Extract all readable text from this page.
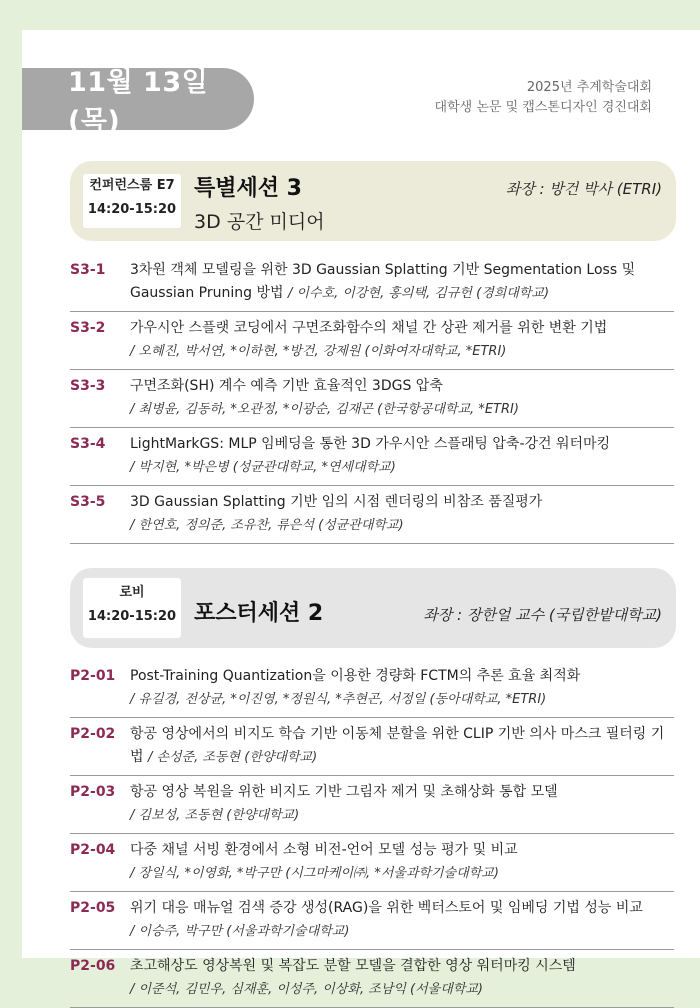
11월 13일(목)
2025년 추계학술대회
대학생 논문 및 캡스톤디자인 경진대회
컨퍼런스룸 E7
14:20-15:20
특별세션 3
3D 공간 미디어
좌장 : 방건 박사 (ETRI)
S3-1	3차원 객체 모델링을 위한 3D Gaussian Splatting 기반 Segmentation Loss 및 Gaussian Pruning 방법 / 이수호, 이강현, 홍의택, 김규헌 (경희대학교)
S3-2	가우시안 스플랫 코딩에서 구면조화함수의 채널 간 상관 제거를 위한 변환 기법
/ 오혜진, 박서연, *이하현, *방건, 강제원 (이화여자대학교, *ETRI)
S3-3	구면조화(SH) 계수 예측 기반 효율적인 3DGS 압축
/ 최병윤, 김동하, *오관정, *이광순, 김재곤 (한국항공대학교, *ETRI)
S3-4	LightMarkGS: MLP 임베딩을 통한 3D 가우시안 스플래팅 압축-강건 워터마킹
/ 박지현, *박은병 (성균관대학교, *연세대학교)
S3-5	3D Gaussian Splatting 기반 임의 시점 렌더링의 비참조 품질평가
/ 한연호, 정의준, 조유찬, 류은석 (성균관대학교)
로비
14:20-15:20 포스터세션 2	좌장 : 장한얼 교수 (국립한밭대학교)
P2-01	Post-Training Quantization을 이용한 경량화 FCTM의 추론 효율 최적화
/ 유길경, 전상균, *이진영, *정원식, *추현곤, 서정일 (동아대학교, *ETRI)
P2-02	항공 영상에서의 비지도 학습 기반 이동체 분할을 위한 CLIP 기반 의사 마스크 필터링 기법 / 손성준, 조동현 (한양대학교)
P2-03	항공 영상 복원을 위한 비지도 기반 그림자 제거 및 초해상화 통합 모델
/ 김보성, 조동현 (한양대학교)
P2-04	다중 채널 서빙 환경에서 소형 비전-언어 모델 성능 평가 및 비교
/ 장일식, *이영화, *박구만 (시그마케이㈜, *서울과학기술대학교)
P2-05	위기 대응 매뉴얼 검색 증강 생성(RAG)을 위한 벡터스토어 및 임베딩 기법 성능 비교
/ 이승주, 박구만 (서울과학기술대학교)
P2-06	초고해상도 영상복원 및 복잡도 분할 모델을 결합한 영상 워터마킹 시스템
/ 이준석, 김민우, 심재훈, 이성주, 이상화, 조남익 (서울대학교)
